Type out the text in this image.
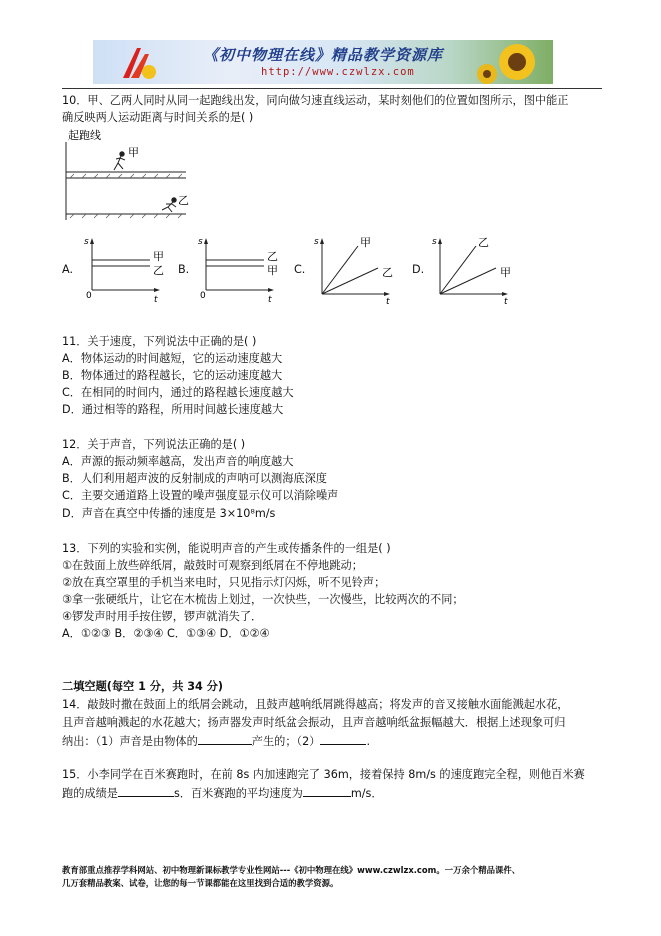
《初中物理在线》精品教学资源库
http://www.czwlzx.com
10．甲、乙两人同时从同一起跑线出发，同向做匀速直线运动，某时刻他们的位置如图所示，图中能正
确反映两人运动距离与时间关系的是( )
起跑线
甲
乙
A.
s
0	t
甲
乙 B.
s
0	t
乙
甲 C.
s
t
甲
乙 D.
s
t
乙
甲
11．关于速度，下列说法中正确的是( )
A．物体运动的时间越短，它的运动速度越大
B．物体通过的路程越长，它的运动速度越大
C．在相同的时间内，通过的路程越长速度越大
D．通过相等的路程，所用时间越长速度越大
12．关于声音，下列说法正确的是( )
A．声源的振动频率越高，发出声音的响度越大
B．人们利用超声波的反射制成的声呐可以测海底深度
C．主要交通道路上设置的噪声强度显示仪可以消除噪声
D．声音在真空中传播的速度是 3×10⁸m/s
13．下列的实验和实例，能说明声音的产生或传播条件的一组是( )
①在鼓面上放些碎纸屑，敲鼓时可观察到纸屑在不停地跳动；
②放在真空罩里的手机当来电时，只见指示灯闪烁，听不见铃声；
③拿一张硬纸片，让它在木梳齿上划过，一次快些，一次慢些，比较两次的不同；
④锣发声时用手按住锣，锣声就消失了．
A．①②③ B．②③④ C．①③④ D．①②④
二填空题(每空 1 分，共 34 分)
14．敲鼓时撒在鼓面上的纸屑会跳动，且鼓声越响纸屑跳得越高；将发声的音叉接触水面能溅起水花，
且声音越响溅起的水花越大；扬声器发声时纸盆会振动，且声音越响纸盆振幅越大．根据上述现象可归
纳出：（1）声音是由物体的	产生的；（2）	.
15．小李同学在百米赛跑时，在前 8s 内加速跑完了 36m，接着保持 8m/s 的速度跑完全程，则他百米赛
跑的成绩是	s．百米赛跑的平均速度为	m/s．
教育部重点推荐学科网站、初中物理新课标教学专业性网站---《初中物理在线》www.czwlzx.com。一万余个精品课件、
几万套精品教案、试卷，让您的每一节课都能在这里找到合适的教学资源。
